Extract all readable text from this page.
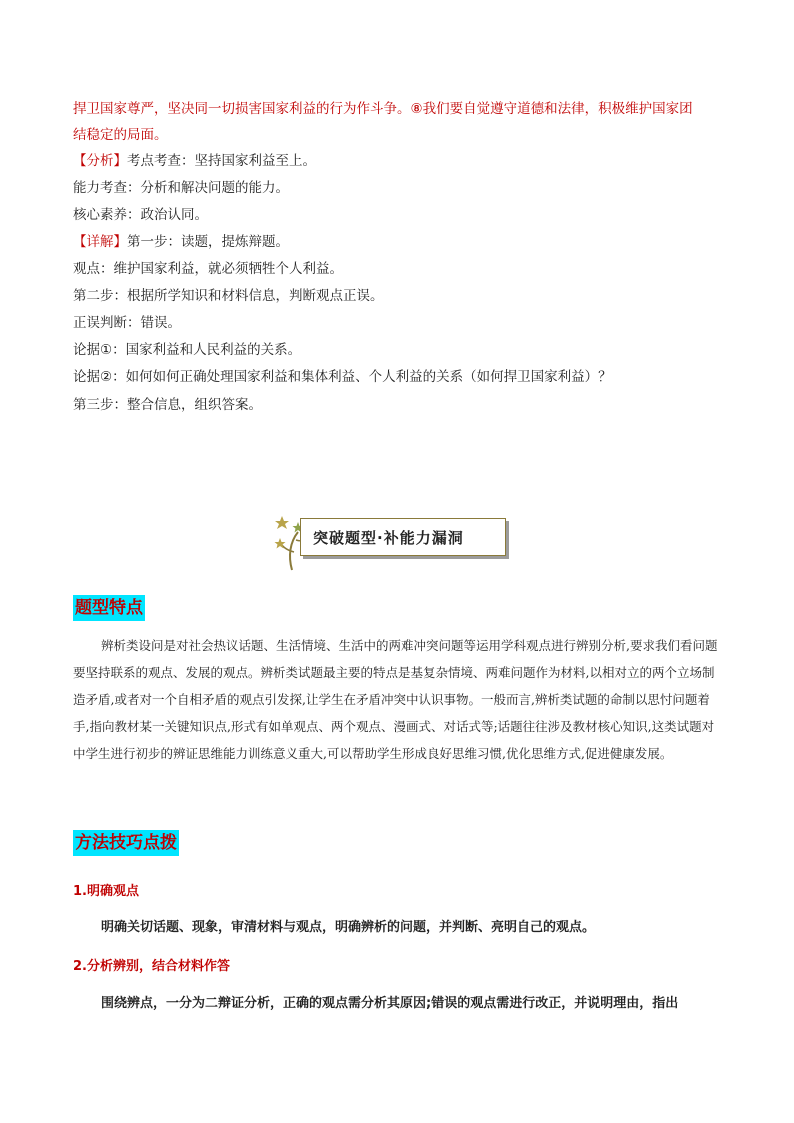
捍卫国家尊严，坚决同一切损害国家利益的行为作斗争。⑧我们要自觉遵守道德和法律，积极维护国家团
结稳定的局面。
【分析】考点考查：坚持国家利益至上。
能力考查：分析和解决问题的能力。
核心素养：政治认同。
【详解】第一步：读题，提炼辩题。
观点：维护国家利益，就必须牺牲个人利益。
第二步：根据所学知识和材料信息，判断观点正误。
正误判断：错误。
论据①：国家利益和人民利益的关系。
论据②：如何如何正确处理国家利益和集体利益、个人利益的关系（如何捍卫国家利益）？
第三步：整合信息，组织答案。
突破题型·补能力漏洞
题型特点
辨析类设问是对社会热议话题、生活情境、生活中的两难冲突问题等运用学科观点进行辨别分析,要求我们看问题要坚持联系的观点、发展的观点。辨析类试题最主要的特点是基复杂情境、两难问题作为材料,以相对立的两个立场制造矛盾,或者对一个自相矛盾的观点引发探,让学生在矛盾冲突中认识事物。一般而言,辨析类试题的命制以思忖问题着手,指向教材某一关键知识点,形式有如单观点、两个观点、漫画式、对话式等;话题往往涉及教材核心知识,这类试题对中学生进行初步的辨证思维能力训练意义重大,可以帮助学生形成良好思维习惯,优化思维方式,促进健康发展。
方法技巧点拨
1.明确观点
明确关切话题、现象，审清材料与观点，明确辨析的问题，并判断、亮明自己的观点。
2.分析辨别，结合材料作答
围绕辨点，一分为二辩证分析，正确的观点需分析其原因;错误的观点需进行改正，并说明理由，指出
